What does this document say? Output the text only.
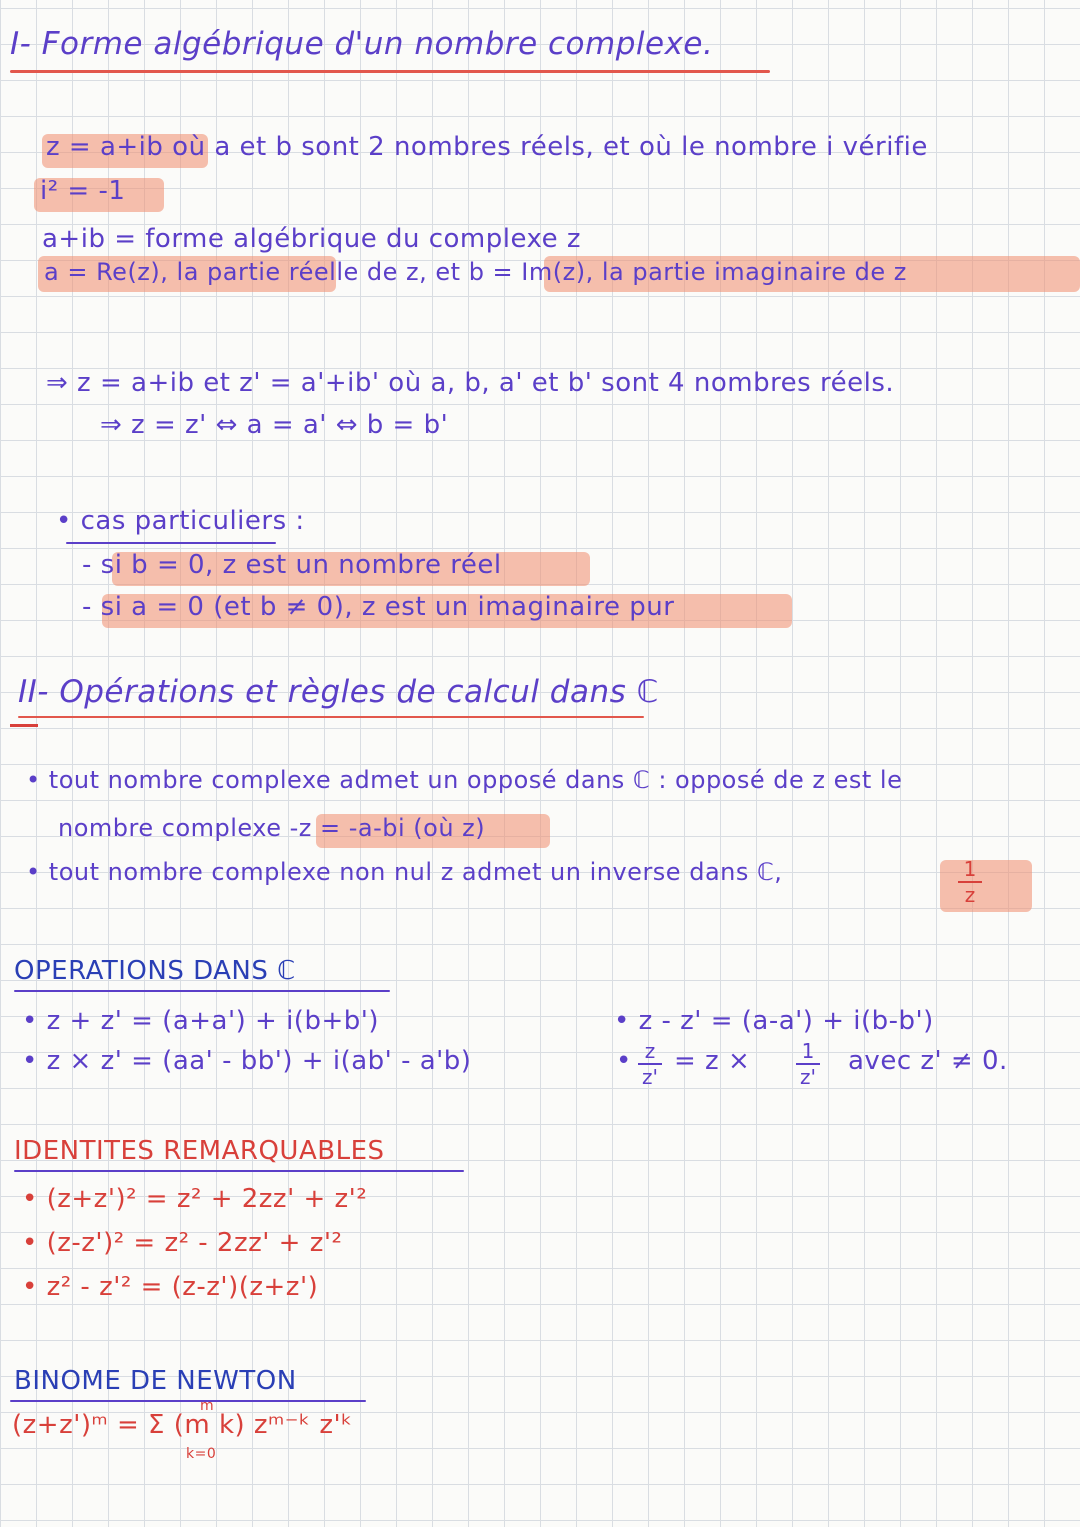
I- Forme algébrique d'un nombre complexe.
z = a+ib où a et b sont 2 nombres réels, et où le nombre i vérifie
i² = -1
a+ib = forme algébrique du complexe z
a = Re(z), la partie réelle de z, et b = Im(z), la partie imaginaire de z
⇒ z = a+ib et z' = a'+ib' où a, b, a' et b' sont 4 nombres réels.
⇒ z = z' ⇔ a = a' ⇔ b = b'
• cas particuliers :
- si b = 0, z est un nombre réel
- si a = 0 (et b ≠ 0), z est un imaginaire pur
II- Opérations et règles de calcul dans ℂ
• tout nombre complexe admet un opposé dans ℂ : opposé de z est le
nombre complexe -z = -a-bi (où z)
• tout nombre complexe non nul z admet un inverse dans ℂ,	1
z
OPERATIONS DANS ℂ
• z + z' = (a+a') + i(b+b')
• z × z' = (aa' - bb') + i(ab' - a'b)
• z - z' = (a-a') + i(b-b')
• z
z'
= z ×	1
z'
avec z' ≠ 0.
IDENTITES REMARQUABLES
• (z+z')² = z² + 2zz' + z'²
• (z-z')² = z² - 2zz' + z'²
• z² - z'² = (z-z')(z+z')
BINOME DE NEWTON
(z+z')ᵐ = Σ (m k) zᵐ⁻ᵏ z'ᵏ
m
k=0
